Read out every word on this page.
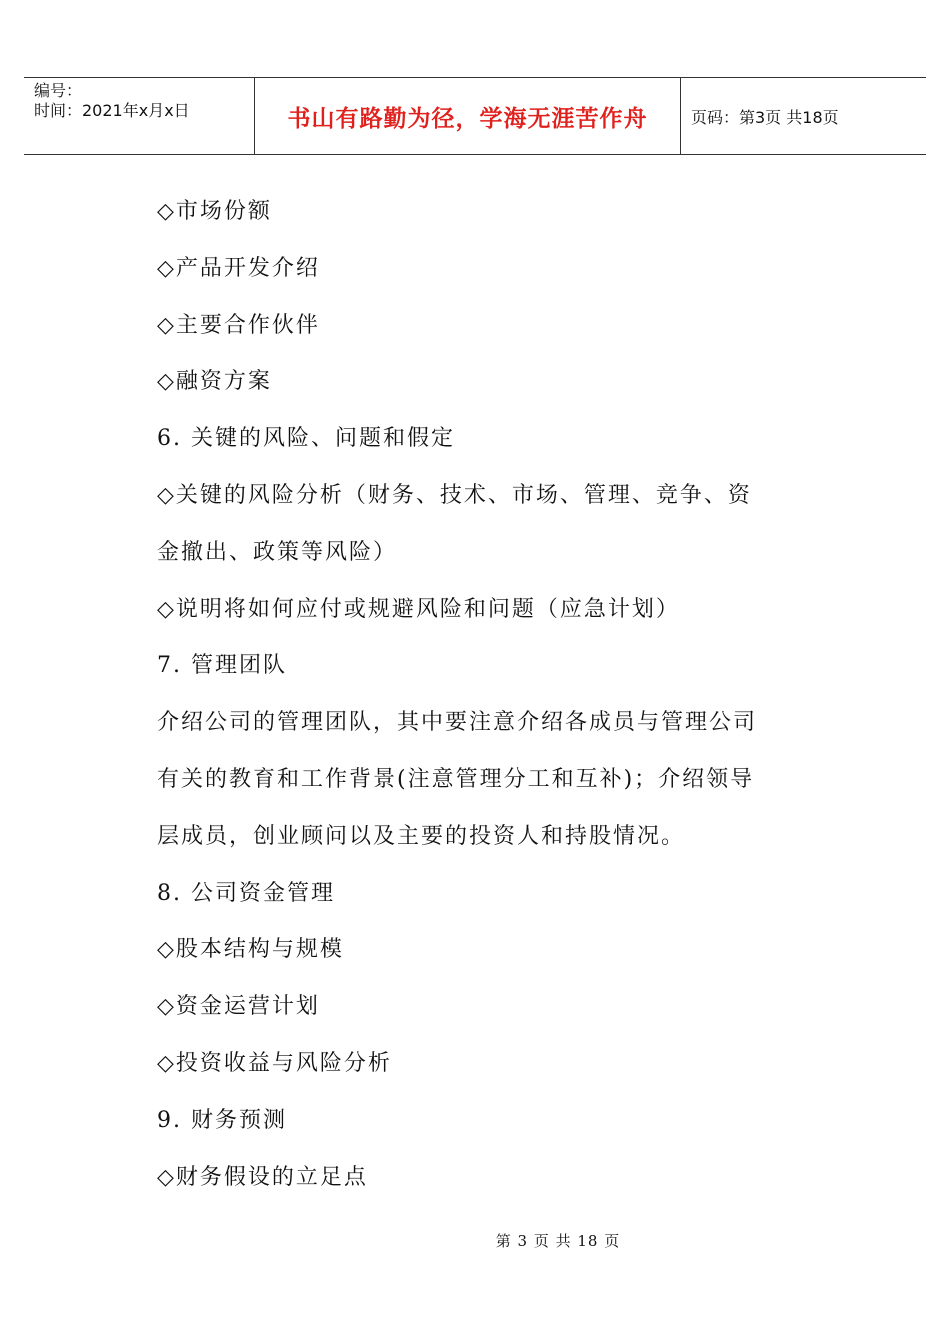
编号：
时间：2021年x月x日	书山有路勤为径，学海无涯苦作舟	页码：第3页 共18页
◇市场份额
◇产品开发介绍
◇主要合作伙伴
◇融资方案
6. 关键的风险、问题和假定
◇关键的风险分析（财务、技术、市场、管理、竞争、资
金撤出、政策等风险）
◇说明将如何应付或规避风险和问题（应急计划）
7. 管理团队
介绍公司的管理团队，其中要注意介绍各成员与管理公司
有关的教育和工作背景(注意管理分工和互补)；介绍领导
层成员，创业顾问以及主要的投资人和持股情况。
8. 公司资金管理
◇股本结构与规模
◇资金运营计划
◇投资收益与风险分析
9. 财务预测
◇财务假设的立足点
第 3 页 共 18 页
